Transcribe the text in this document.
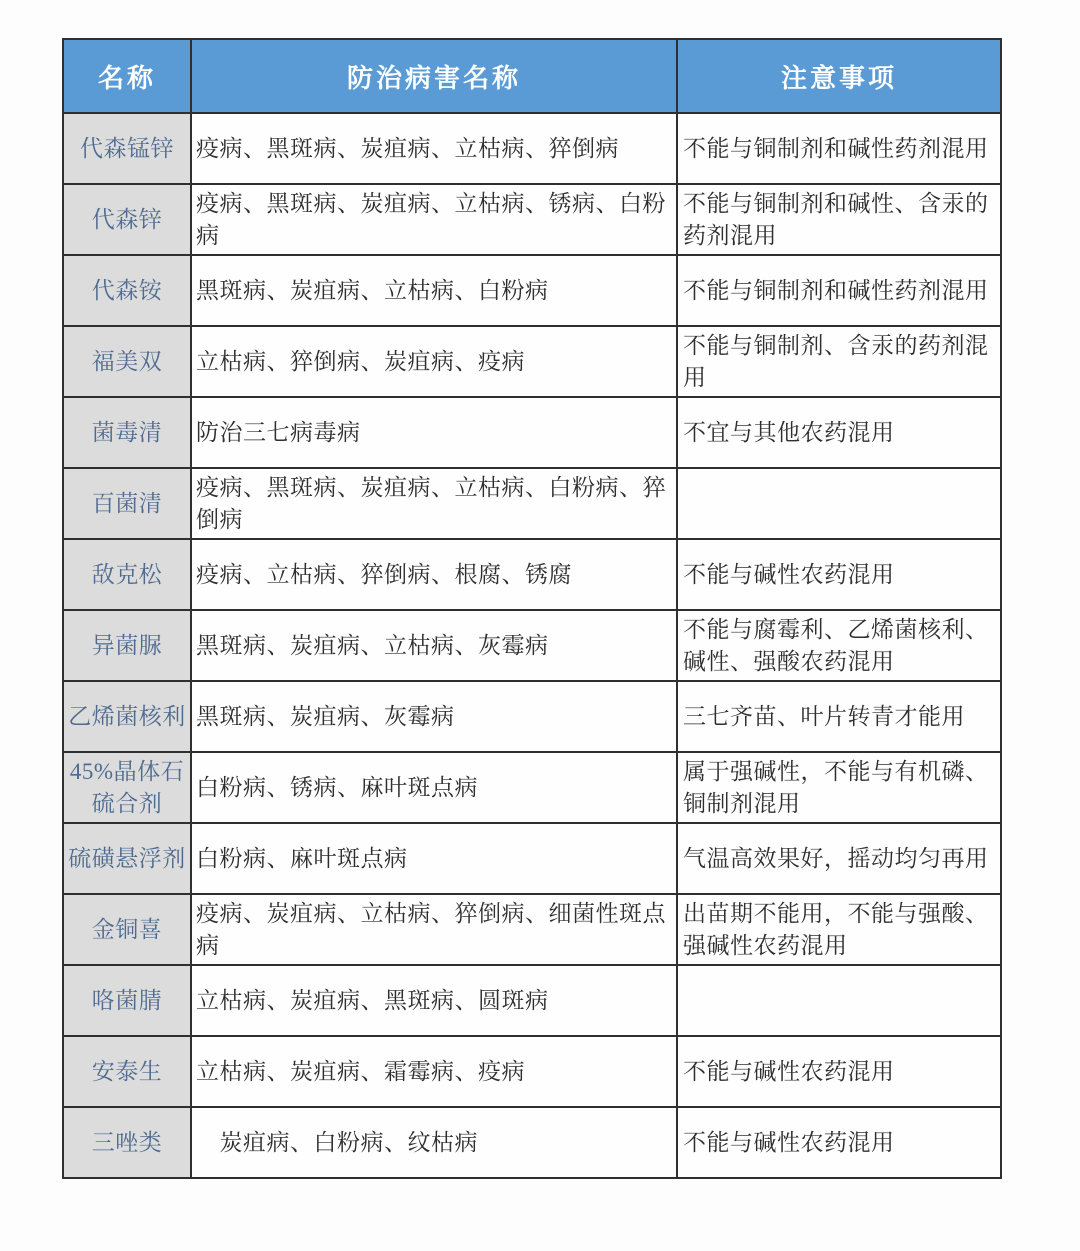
名称	防治病害名称	注意事项
代森锰锌	疫病、黑斑病、炭疽病、立枯病、猝倒病	不能与铜制剂和碱性药剂混用
代森锌	疫病、黑斑病、炭疽病、立枯病、锈病、白粉病	不能与铜制剂和碱性、含汞的药剂混用
代森铵	黑斑病、炭疽病、立枯病、白粉病	不能与铜制剂和碱性药剂混用
福美双	立枯病、猝倒病、炭疽病、疫病	不能与铜制剂、含汞的药剂混用
菌毒清	防治三七病毒病	不宜与其他农药混用
百菌清	疫病、黑斑病、炭疽病、立枯病、白粉病、猝倒病	
敌克松	疫病、立枯病、猝倒病、根腐、锈腐	不能与碱性农药混用
异菌脲	黑斑病、炭疽病、立枯病、灰霉病	不能与腐霉利、乙烯菌核利、碱性、强酸农药混用
乙烯菌核利	黑斑病、炭疽病、灰霉病	三七齐苗、叶片转青才能用
45%晶体石硫合剂	白粉病、锈病、麻叶斑点病	属于强碱性，不能与有机磷、铜制剂混用
硫磺悬浮剂	白粉病、麻叶斑点病	气温高效果好，摇动均匀再用
金铜喜	疫病、炭疽病、立枯病、猝倒病、细菌性斑点病	出苗期不能用，不能与强酸、强碱性农药混用
咯菌腈	立枯病、炭疽病、黑斑病、圆斑病	
安泰生	立枯病、炭疽病、霜霉病、疫病	不能与碱性农药混用
三唑类	　炭疽病、白粉病、纹枯病	不能与碱性农药混用
